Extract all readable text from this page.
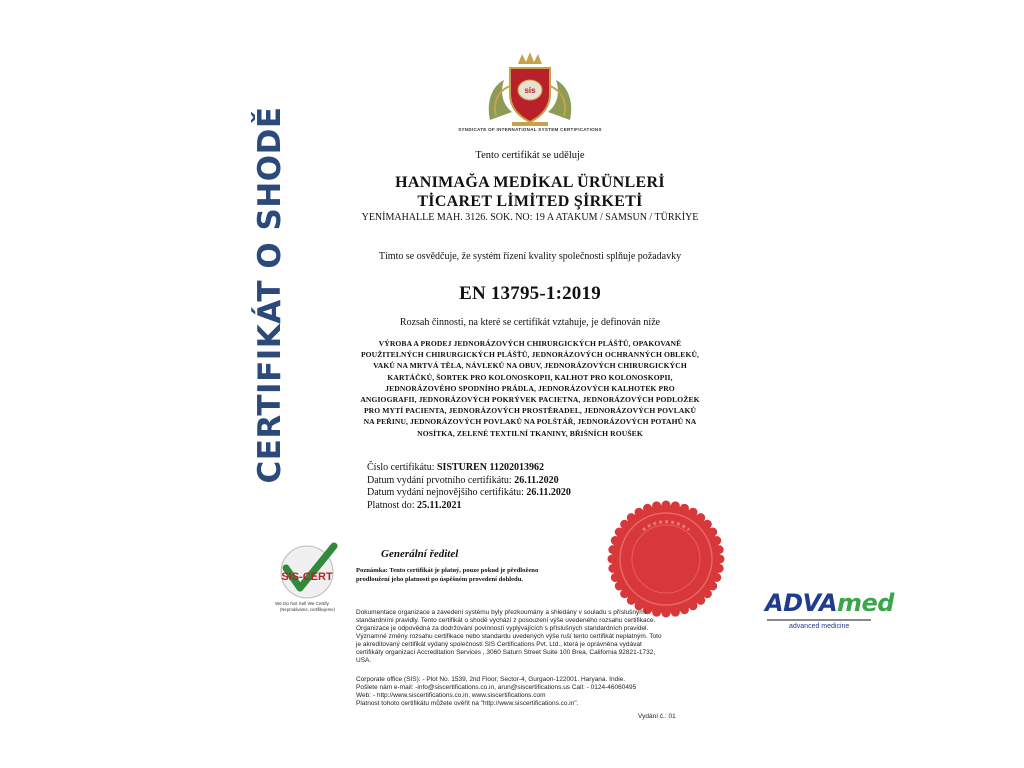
CERTIFIKÁT O SHODĚ
sis
SYNDICATE OF INTERNATIONAL SYSTEM CERTIFICATIONS
Tento certifikát se uděluje
HANIMAĞA MEDİKAL ÜRÜNLERİ
TİCARET LİMİTED ŞİRKETİ
YENİMAHALLE MAH. 3126. SOK. NO: 19 A ATAKUM / SAMSUN / TÜRKİYE
Tímto se osvědčuje, že systém řízení kvality společnosti splňuje požadavky
EN 13795-1:2019
Rozsah činnosti, na které se certifikát vztahuje, je definován níže
VÝROBA A PRODEJ JEDNORÁZOVÝCH CHIRURGICKÝCH PLÁŠŤŮ, OPAKOVANĚ
POUŽITELNÝCH CHIRURGICKÝCH PLÁŠŤŮ, JEDNORÁZOVÝCH OCHRANNÝCH OBLEKŮ,
VAKŮ NA MRTVÁ TĚLA, NÁVLEKŮ NA OBUV, JEDNORÁZOVÝCH CHIRURGICKÝCH
KARTÁČKŮ, ŠORTEK PRO KOLONOSKOPII, KALHOT PRO KOLONOSKOPII,
JEDNORÁZOVÉHO SPODNÍHO PRÁDLA, JEDNORÁZOVÝCH KALHOTEK PRO
ANGIOGRAFII, JEDNORÁZOVÝCH POKRÝVEK PACIETNA, JEDNORÁZOVÝCH PODLOŽEK
PRO MYTÍ PACIENTA, JEDNORÁZOVÝCH PROSTĚRADEL, JEDNORÁZOVÝCH POVLAKŮ
NA PEŘINU, JEDNORÁZOVÝCH POVLAKŮ NA POLŠTÁŘ, JEDNORÁZOVÝCH POTAHŮ NA
NOSÍTKA, ZELENÉ TEXTILNÍ TKANINY, BŘIŠNÍCH ROUŠEK
Číslo certifikátu: SISTUREN 11202013962
Datum vydání prvotního certifikátu: 26.11.2020
Datum vydání nejnovějšího certifikátu: 26.11.2020
Platnost do: 25.11.2021
SIS-CERT
We Do Not Sell We Certify
(Neprodáváme, certifikujeme)
Generální ředitel
Poznámka: Tento certifikát je platný, pouze pokud je předloženo
prodloužení jeho platnosti po úspěšném provedení dohledu.
Dokumentace organizace a zavedení systému byly přezkoumány a shledány v souladu s příslušnými
standardními pravidly. Tento certifikát o shodě vychází z posouzení výše uvedeného rozsahu certifikace.
Organizace je odpovědná za dodržování povinností vyplývajících s příslušných standardních pravidel.
Významné změny rozsahu certifikace nebo standardu uvedených výše ruší tento certifikát neplatným. Toto
je akreditovaný certifikát vydaný společností SIS Certifications Pvt. Ltd., která je oprávněna vydávat
certifikáty organizací Accreditation Services , 3060 Saturn Street Suite 100 Brea, California 92821-1732,
USA.
Corporate office (SIS): - Plot No. 1539, 2nd Floor, Sector-4, Gurgaon-122001. Haryana. Indie.
Pošlete nám e-mail: -info@siscertifications.co.in, arun@siscertifications.us Call: - 0124-46060495
Web: - http://www.siscertifications.co.in, www.siscertifications.com
Platnost tohoto certifikátu můžete ověřit na "http://www.siscertifications.co.in".
Vydání č.: 01
ADVAmed
advanced medicine
